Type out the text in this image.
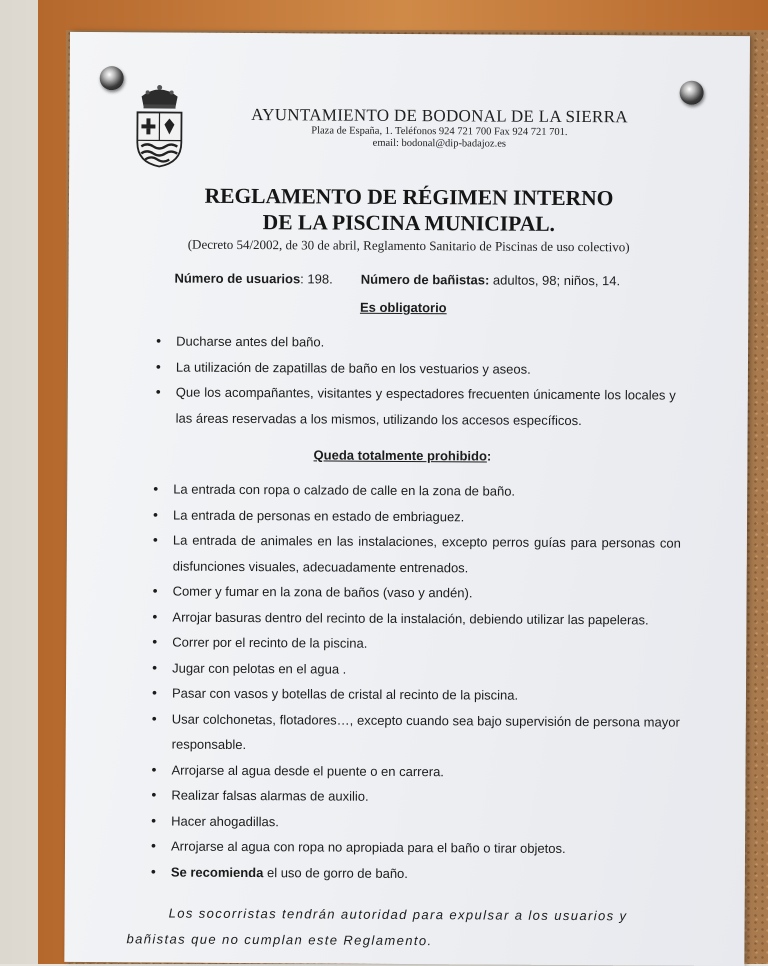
AYUNTAMIENTO DE BODONAL DE LA SIERRA
Plaza de España, 1. Teléfonos 924 721 700 Fax 924 721 701.
email: bodonal@dip-badajoz.es
REGLAMENTO DE RÉGIMEN INTERNO
DE LA PISCINA MUNICIPAL.
(Decreto 54/2002, de 30 de abril, Reglamento Sanitario de Piscinas de uso colectivo)
Número de usuarios: 198. Número de bañistas: adultos, 98; niños, 14.
Es obligatorio
• Ducharse antes del baño.
• La utilización de zapatillas de baño en los vestuarios y aseos.
• Que los acompañantes, visitantes y espectadores frecuenten únicamente los locales y las áreas reservadas a los mismos, utilizando los accesos específicos.
Queda totalmente prohibido:
• La entrada con ropa o calzado de calle en la zona de baño.
• La entrada de personas en estado de embriaguez.
• La entrada de animales en las instalaciones, excepto perros guías para personas con disfunciones visuales, adecuadamente entrenados.
• Comer y fumar en la zona de baños (vaso y andén).
• Arrojar basuras dentro del recinto de la instalación, debiendo utilizar las papeleras.
• Correr por el recinto de la piscina.
• Jugar con pelotas en el agua .
• Pasar con vasos y botellas de cristal al recinto de la piscina.
• Usar colchonetas, flotadores…, excepto cuando sea bajo supervisión de persona mayor responsable.
• Arrojarse al agua desde el puente o en carrera.
• Realizar falsas alarmas de auxilio.
• Hacer ahogadillas.
• Arrojarse al agua con ropa no apropiada para el baño o tirar objetos.
• Se recomienda el uso de gorro de baño.
Los socorristas tendrán autoridad para expulsar a los usuarios y
bañistas que no cumplan este Reglamento.
